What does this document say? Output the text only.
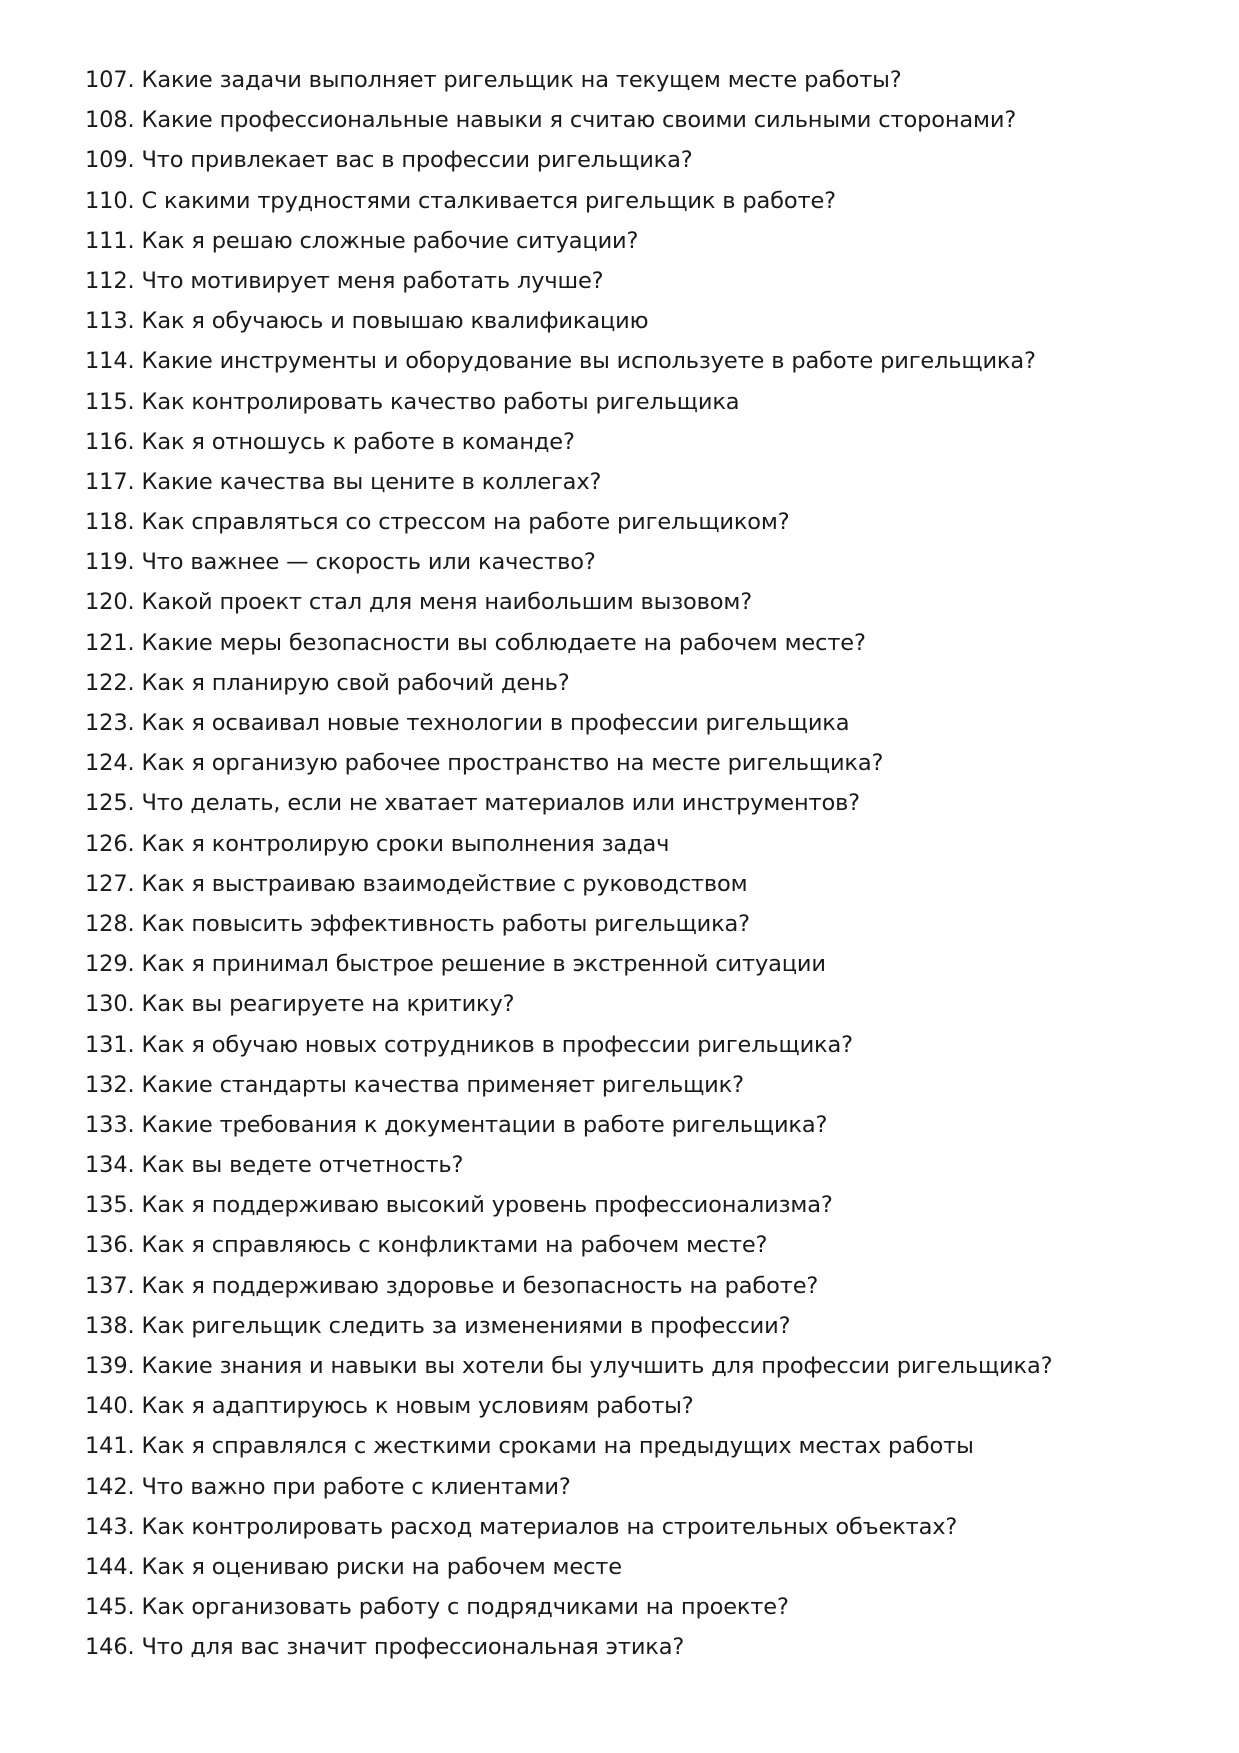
107. Какие задачи выполняет ригельщик на текущем месте работы?
108. Какие профессиональные навыки я считаю своими сильными сторонами?
109. Что привлекает вас в профессии ригельщика?
110. С какими трудностями сталкивается ригельщик в работе?
111. Как я решаю сложные рабочие ситуации?
112. Что мотивирует меня работать лучше?
113. Как я обучаюсь и повышаю квалификацию
114. Какие инструменты и оборудование вы используете в работе ригельщика?
115. Как контролировать качество работы ригельщика
116. Как я отношусь к работе в команде?
117. Какие качества вы цените в коллегах?
118. Как справляться со стрессом на работе ригельщиком?
119. Что важнее — скорость или качество?
120. Какой проект стал для меня наибольшим вызовом?
121. Какие меры безопасности вы соблюдаете на рабочем месте?
122. Как я планирую свой рабочий день?
123. Как я осваивал новые технологии в профессии ригельщика
124. Как я организую рабочее пространство на месте ригельщика?
125. Что делать, если не хватает материалов или инструментов?
126. Как я контролирую сроки выполнения задач
127. Как я выстраиваю взаимодействие с руководством
128. Как повысить эффективность работы ригельщика?
129. Как я принимал быстрое решение в экстренной ситуации
130. Как вы реагируете на критику?
131. Как я обучаю новых сотрудников в профессии ригельщика?
132. Какие стандарты качества применяет ригельщик?
133. Какие требования к документации в работе ригельщика?
134. Как вы ведете отчетность?
135. Как я поддерживаю высокий уровень профессионализма?
136. Как я справляюсь с конфликтами на рабочем месте?
137. Как я поддерживаю здоровье и безопасность на работе?
138. Как ригельщик следить за изменениями в профессии?
139. Какие знания и навыки вы хотели бы улучшить для профессии ригельщика?
140. Как я адаптируюсь к новым условиям работы?
141. Как я справлялся с жесткими сроками на предыдущих местах работы
142. Что важно при работе с клиентами?
143. Как контролировать расход материалов на строительных объектах?
144. Как я оцениваю риски на рабочем месте
145. Как организовать работу с подрядчиками на проекте?
146. Что для вас значит профессиональная этика?
